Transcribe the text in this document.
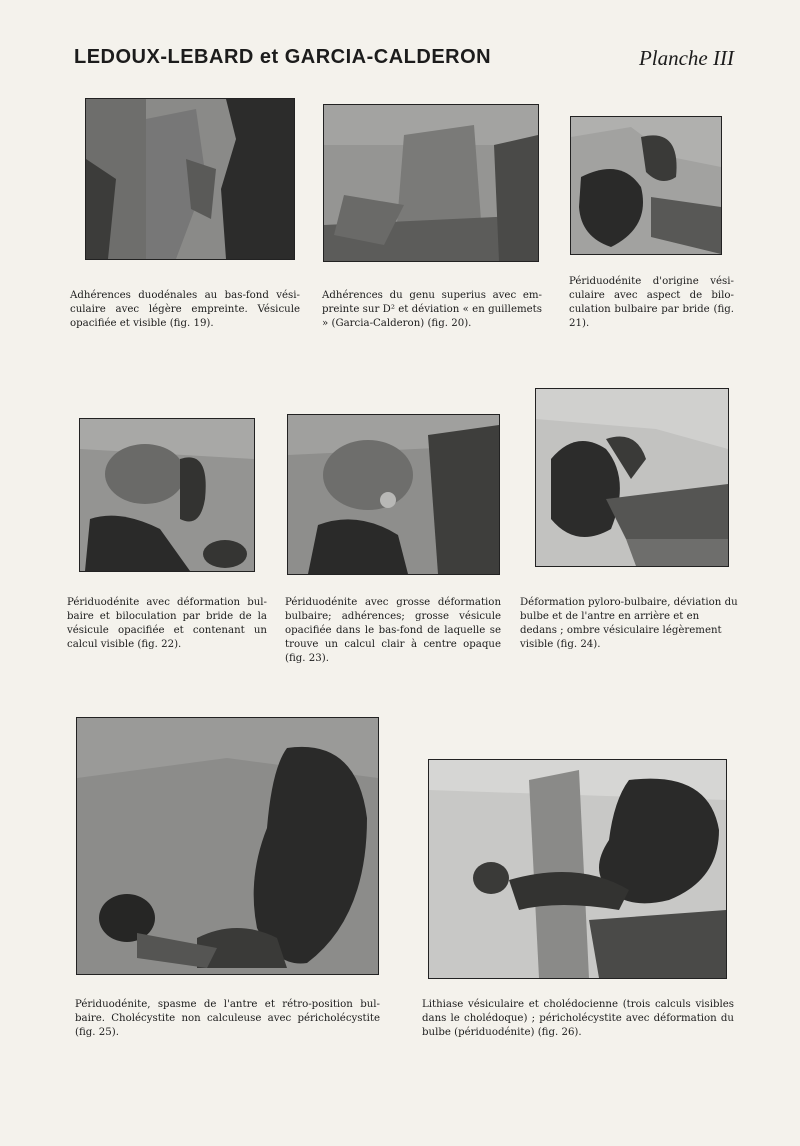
LEDOUX-LEBARD et GARCIA-CALDERON	Planche III
Adhérences duodénales au bas-fond vésiculaire avec légère empreinte. Vésicule opacifiée et visible (fig. 19).
Adhérences du genu superius avec empreinte sur D² et déviation « en guillemets » (Garcia-Calderon) (fig. 20).
Périduodénite d'origine vésiculaire avec aspect de biloculation bulbaire par bride (fig. 21).
Périduodénite avec déformation bulbaire et biloculation par bride de la vésicule opacifiée et contenant un calcul visible (fig. 22).
Périduodénite avec grosse déformation bulbaire; adhérences; grosse vésicule opacifiée dans le bas-fond de laquelle se trouve un calcul clair à centre opaque (fig. 23).
Déformation pyloro-bulbaire, déviation du bulbe et de l'antre en arrière et en dedans ; ombre vésiculaire légèrement visible (fig. 24).
Périduodénite, spasme de l'antre et rétro-position bulbaire. Cholécystite non calculeuse avec péricholécystite (fig. 25).
Lithiase vésiculaire et cholédocienne (trois calculs visibles dans le cholédoque) ; péricholécystite avec déformation du bulbe (périduodénite) (fig. 26).
